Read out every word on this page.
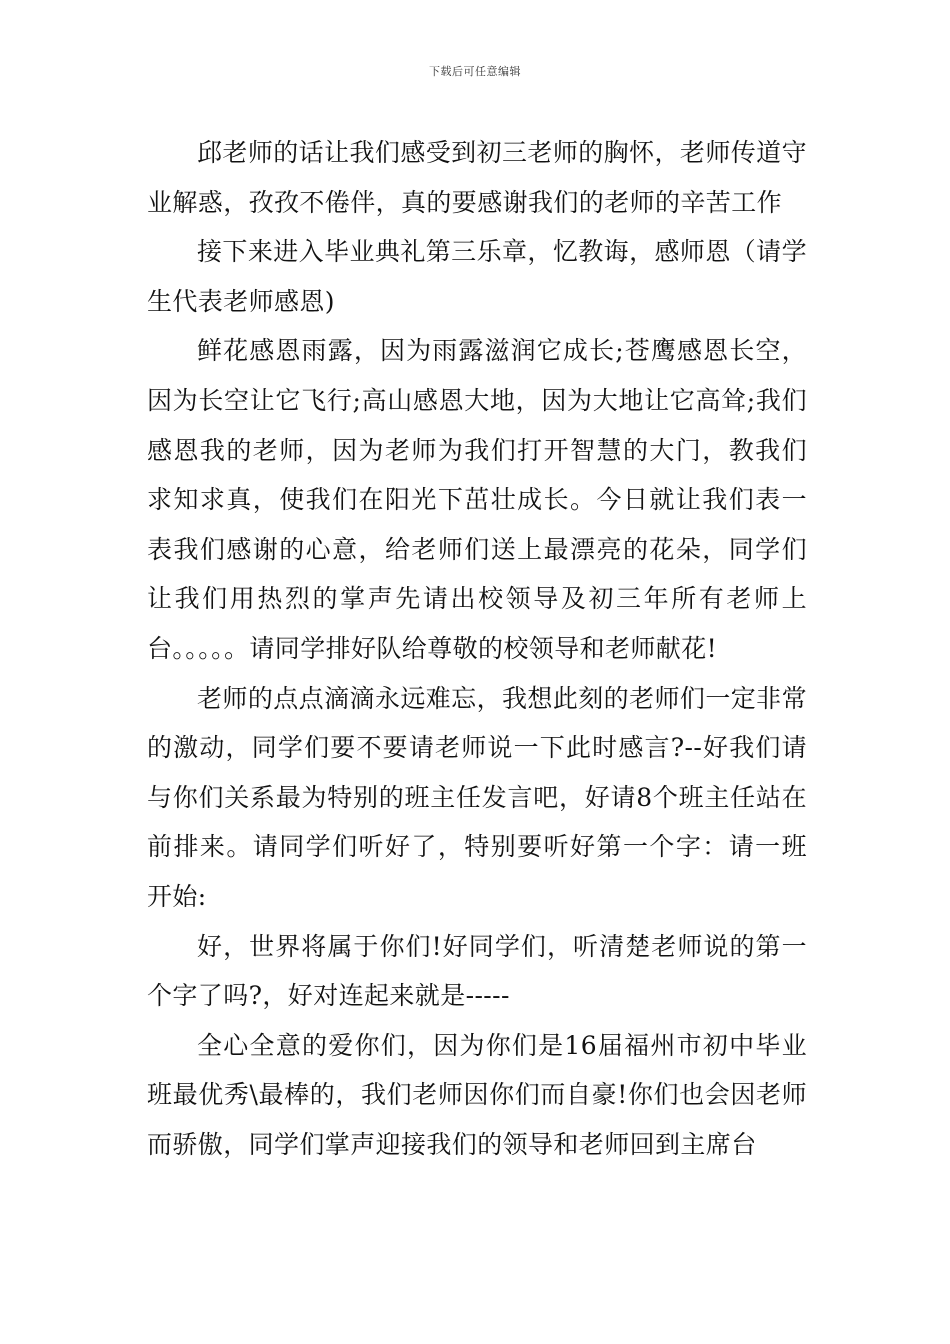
下载后可任意编辑

邱老师的话让我们感受到初三老师的胸怀，老师传道守业解惑，孜孜不倦伴，真的要感谢我们的老师的辛苦工作

接下来进入毕业典礼第三乐章，忆教诲，感师恩（请学生代表老师感恩)

鲜花感恩雨露，因为雨露滋润它成长;苍鹰感恩长空，因为长空让它飞行;高山感恩大地，因为大地让它高耸;我们感恩我的老师，因为老师为我们打开智慧的大门，教我们求知求真，使我们在阳光下茁壮成长。今日就让我们表一表我们感谢的心意，给老师们送上最漂亮的花朵，同学们让我们用热烈的掌声先请出校领导及初三年所有老师上台。。。。。请同学排好队给尊敬的校领导和老师献花!

老师的点点滴滴永远难忘，我想此刻的老师们一定非常的激动，同学们要不要请老师说一下此时感言?--好我们请与你们关系最为特别的班主任发言吧，好请8个班主任站在前排来。请同学们听好了，特别要听好第一个字：请一班开始:

好，世界将属于你们!好同学们，听清楚老师说的第一个字了吗?，好对连起来就是-----

全心全意的爱你们，因为你们是16届福州市初中毕业班最优秀\最棒的，我们老师因你们而自豪!你们也会因老师而骄傲，同学们掌声迎接我们的领导和老师回到主席台
